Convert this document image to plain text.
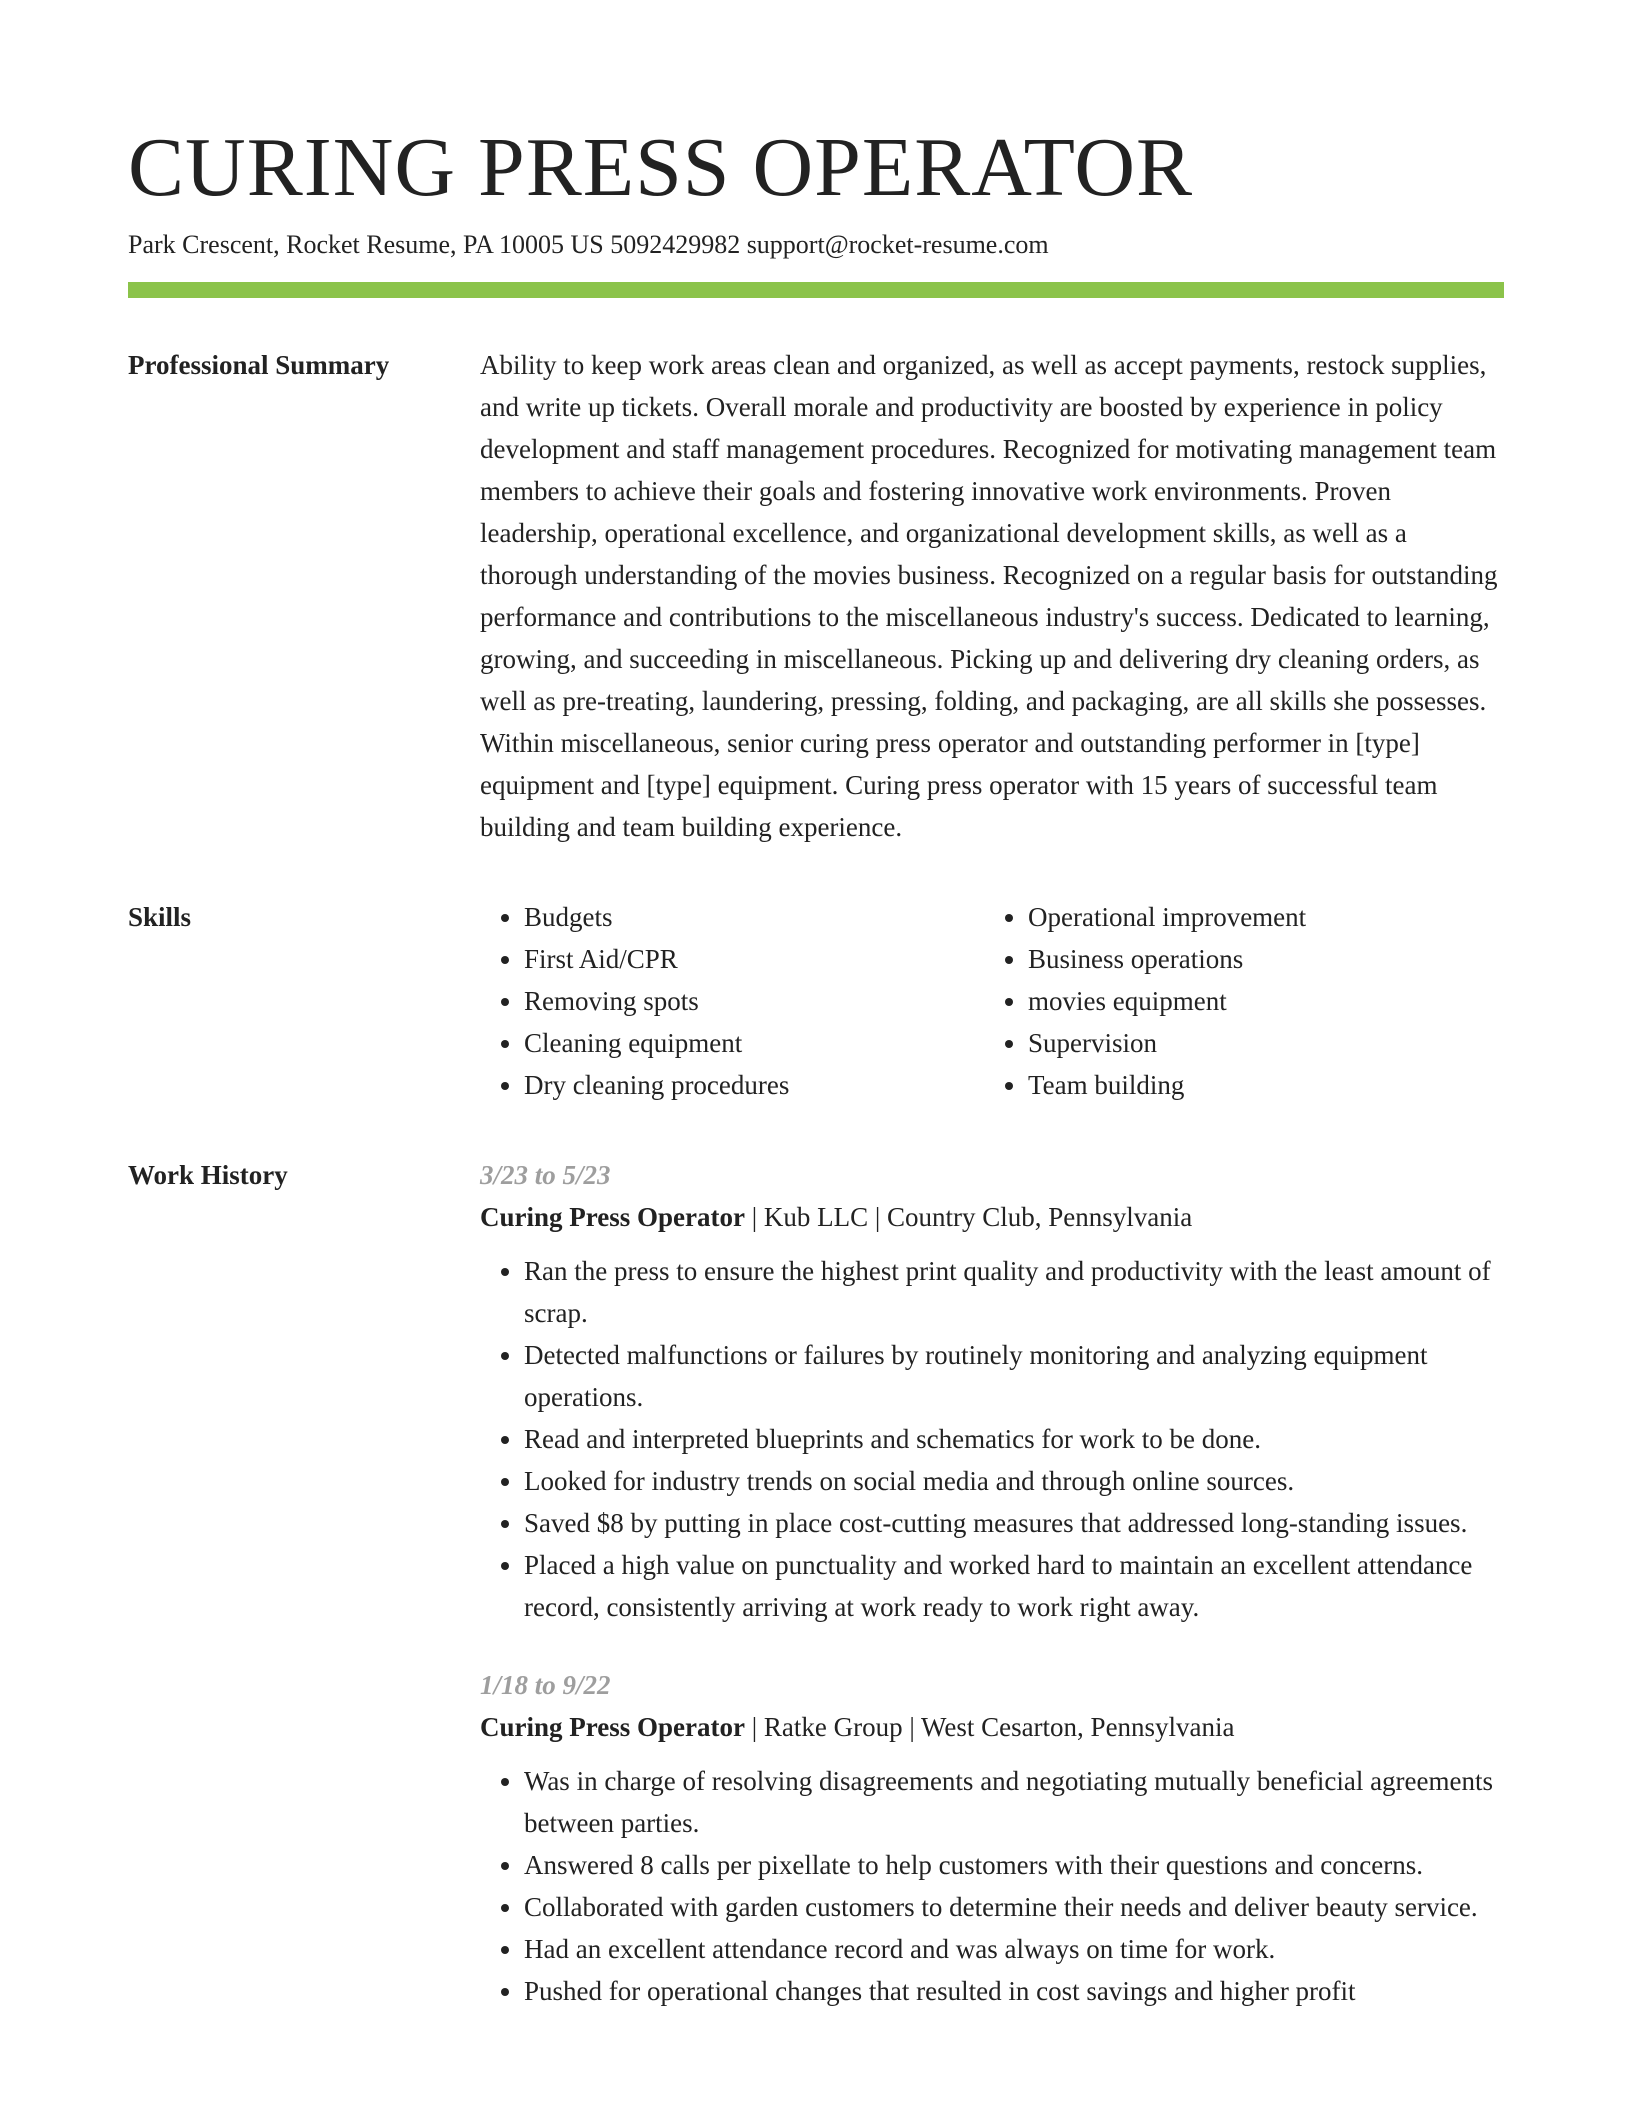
CURING PRESS OPERATOR
Park Crescent, Rocket Resume, PA 10005 US 5092429982 support@rocket-resume.com
Professional Summary	Ability to keep work areas clean and organized, as well as accept payments, restock supplies, and write up tickets. Overall morale and productivity are boosted by experience in policy development and staff management procedures. Recognized for motivating management team members to achieve their goals and fostering innovative work environments. Proven leadership, operational excellence, and organizational development skills, as well as a thorough understanding of the movies business. Recognized on a regular basis for outstanding performance and contributions to the miscellaneous industry's success. Dedicated to learning, growing, and succeeding in miscellaneous. Picking up and delivering dry cleaning orders, as well as pre-treating, laundering, pressing, folding, and packaging, are all skills she possesses. Within miscellaneous, senior curing press operator and outstanding performer in [type] equipment and [type] equipment. Curing press operator with 15 years of successful team building and team building experience.

Skills
•	Budgets
• First Aid/CPR
• Removing spots
• Cleaning equipment
• Dry cleaning procedures
• Operational improvement
• Business operations
• movies equipment
• Supervision
• Team building
Work History	3/23 to 5/23
Curing Press Operator | Kub LLC | Country Club, Pennsylvania
• Ran the press to ensure the highest print quality and productivity with the least amount of scrap.
• Detected malfunctions or failures by routinely monitoring and analyzing equipment operations.
• Read and interpreted blueprints and schematics for work to be done.
• Looked for industry trends on social media and through online sources.
• Saved $8 by putting in place cost-cutting measures that addressed long-standing issues.
• Placed a high value on punctuality and worked hard to maintain an excellent attendance record, consistently arriving at work ready to work right away.
1/18 to 9/22
Curing Press Operator | Ratke Group | West Cesarton, Pennsylvania
• Was in charge of resolving disagreements and negotiating mutually beneficial agreements between parties.
• Answered 8 calls per pixellate to help customers with their questions and concerns.
• Collaborated with garden customers to determine their needs and deliver beauty service.
• Had an excellent attendance record and was always on time for work.
• Pushed for operational changes that resulted in cost savings and higher profit
